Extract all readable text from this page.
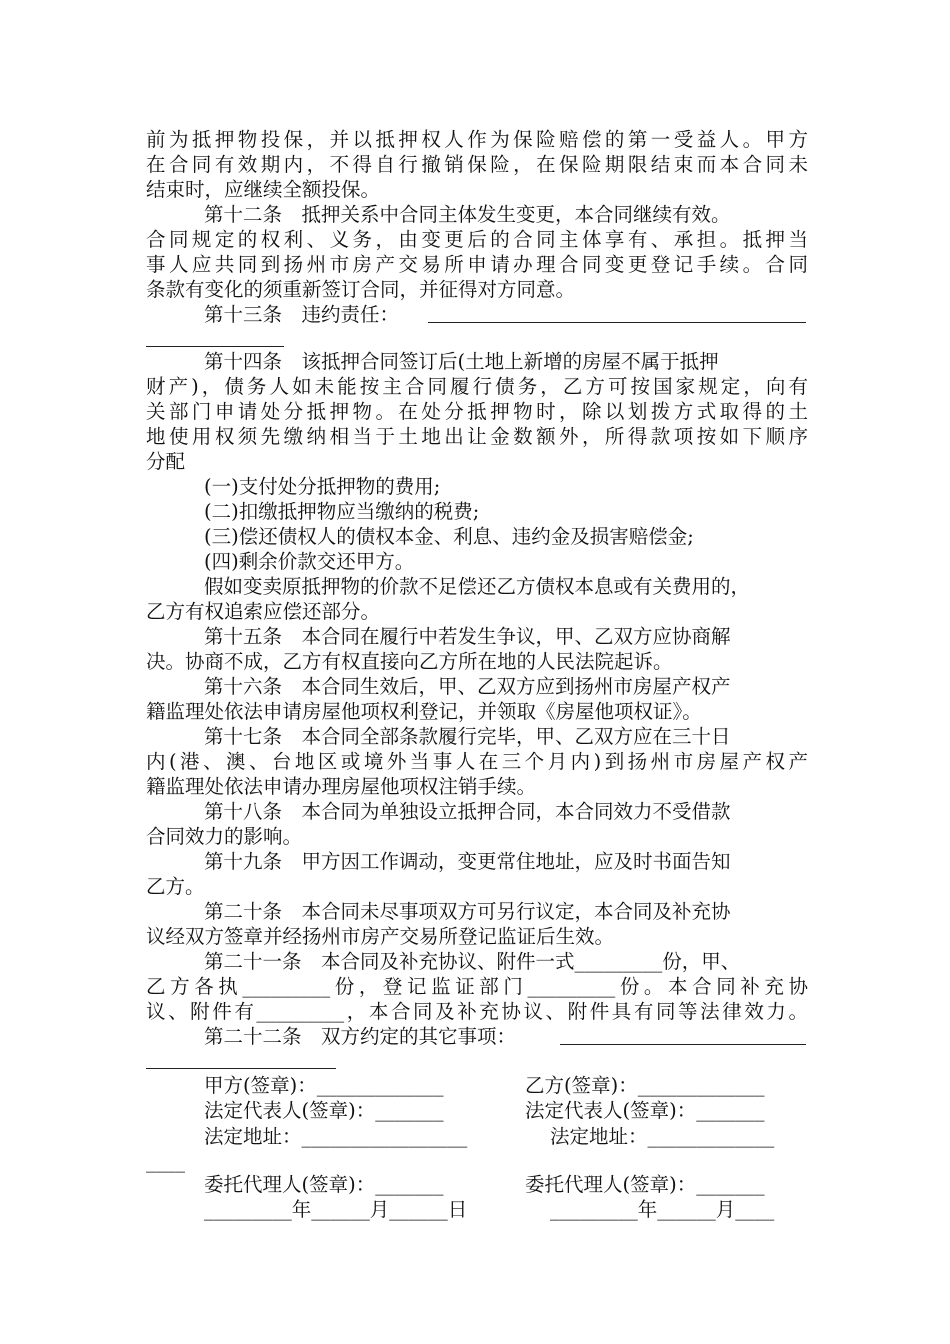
前为抵押物投保，并以抵押权人作为保险赔偿的第一受益人。甲方
在合同有效期内，不得自行撤销保险，在保险期限结束而本合同未
结束时，应继续全额投保。
第十二条　抵押关系中合同主体发生变更，本合同继续有效。
合同规定的权利、义务，由变更后的合同主体享有、承担。抵押当
事人应共同到扬州市房产交易所申请办理合同变更登记手续。合同
条款有变化的须重新签订合同，并征得对方同意。
第十三条　违约责任：
第十四条　该抵押合同签订后(土地上新增的房屋不属于抵押
财产)，债务人如未能按主合同履行债务，乙方可按国家规定，向有
关部门申请处分抵押物。在处分抵押物时，除以划拨方式取得的土
地使用权须先缴纳相当于土地出让金数额外，所得款项按如下顺序
分配
(一)支付处分抵押物的费用;
(二)扣缴抵押物应当缴纳的税费;
(三)偿还债权人的债权本金、利息、违约金及损害赔偿金;
(四)剩余价款交还甲方。
假如变卖原抵押物的价款不足偿还乙方债权本息或有关费用的，
乙方有权追索应偿还部分。
第十五条　本合同在履行中若发生争议，甲、乙双方应协商解
决。协商不成，乙方有权直接向乙方所在地的人民法院起诉。
第十六条　本合同生效后，甲、乙双方应到扬州市房屋产权产
籍监理处依法申请房屋他项权利登记，并领取《房屋他项权证》。
第十七条　本合同全部条款履行完毕，甲、乙双方应在三十日
内(港、澳、台地区或境外当事人在三个月内)到扬州市房屋产权产
籍监理处依法申请办理房屋他项权注销手续。
第十八条　本合同为单独设立抵押合同，本合同效力不受借款
合同效力的影响。
第十九条　甲方因工作调动，变更常住地址，应及时书面告知
乙方。
第二十条　本合同未尽事项双方可另行议定，本合同及补充协
议经双方签章并经扬州市房产交易所登记监证后生效。
第二十一条　本合同及补充协议、附件一式_________份，甲、
乙方各执_________份，登记监证部门_________份。本合同补充协
议、附件有_________，本合同及补充协议、附件具有同等法律效力。
第二十二条　双方约定的其它事项：
甲方(签章)：_____________	乙方(签章)：_____________
法定代表人(签章)：_______	法定代表人(签章)：_______
法定地址：_________________	法定地址：_____________
____
委托代理人(签章)：_______	委托代理人(签章)：_______
_________年______月______日	_________年______月____
